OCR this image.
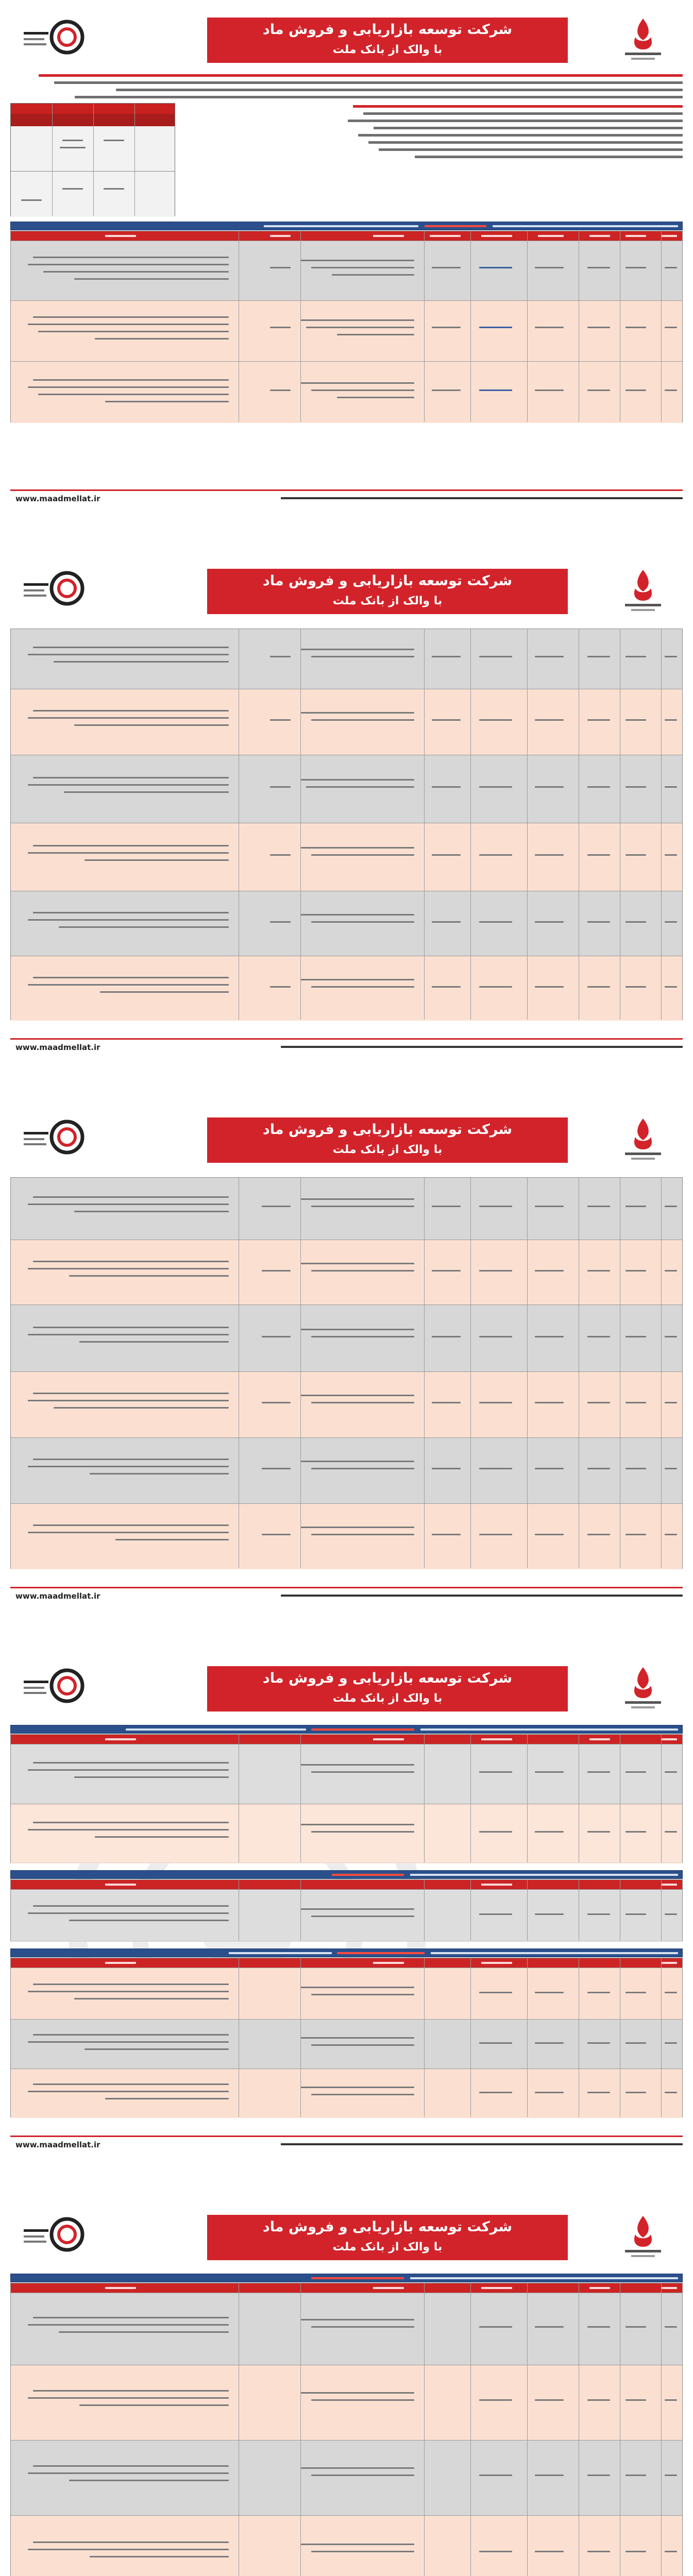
شرکت توسعه بازاریابی و فروش ماد
با والک از بانک ملت
www.maadmellat.ir
شرکت توسعه بازاریابی و فروش ماد
با والک از بانک ملت
www.maadmellat.ir
شرکت توسعه بازاریابی و فروش ماد
با والک از بانک ملت
www.maadmellat.ir
شرکت توسعه بازاریابی و فروش ماد
با والک از بانک ملت
www.maadmellat.ir
شرکت توسعه بازاریابی و فروش ماد
با والک از بانک ملت
